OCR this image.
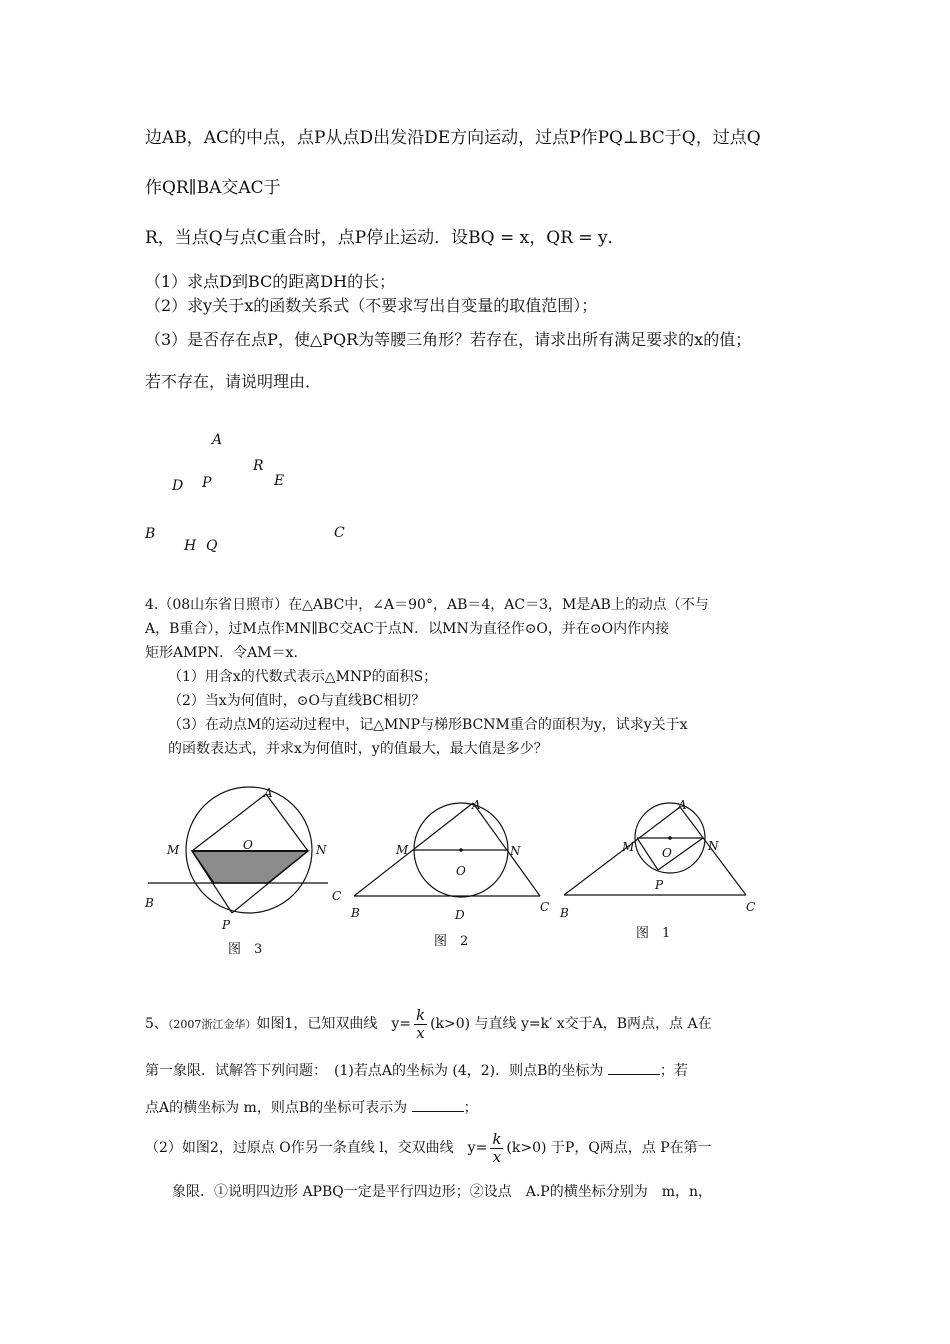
边AB，AC的中点，点P从点D出发沿DE方向运动，过点P作PQ⊥BC于Q，过点Q
作QR∥BA交AC于
R，当点Q与点C重合时，点P停止运动．设BQ = x，QR = y．
（1）求点D到BC的距离DH的长；
（2）求y关于x的函数关系式（不要求写出自变量的取值范围）；
（3）是否存在点P，使△PQR为等腰三角形？若存在，请求出所有满足要求的x的值；
若不存在，请说明理由．
A
R
D P	E
B	C
H Q
4.（08山东省日照市）在△ABC中，∠A＝90°，AB＝4，AC＝3，M是AB上的动点（不与
A，B重合），过M点作MN∥BC交AC于点N．以MN为直径作⊙O，并在⊙O内作内接
矩形AMPN．令AM＝x．
（1）用含x的代数式表示△MNP的面积S；
（2）当x为何值时，⊙O与直线BC相切？
（3）在动点M的运动过程中，记△MNP与梯形BCNM重合的面积为y，试求y关于x
的函数表达式，并求x为何值时，y的值最大，最大值是多少？
A
M	O	N
B	C
P
图　3
A
M
O
N
B	D
C
图　2
A
M O	N
P
B	C
图　1
5、（2007浙江金华）如图1，已知双曲线　$y= \frac{k}{x} (k>0)$ 与直线 y=k′ x交于A，B两点，点 A在
第一象限．试解答下列问题：　(1)若点A的坐标为 (4，2)．则点B的坐标为	；若
点A的横坐标为 m，则点B的坐标可表示为	；
（2）如图2，过原点 O作另一条直线 l，交双曲线　$y= \frac{k}{x} (k>0)$ 于P，Q两点，点 P在第一
象限．①说明四边形 APBQ一定是平行四边形；②设点　A.P的横坐标分别为　m，n，
